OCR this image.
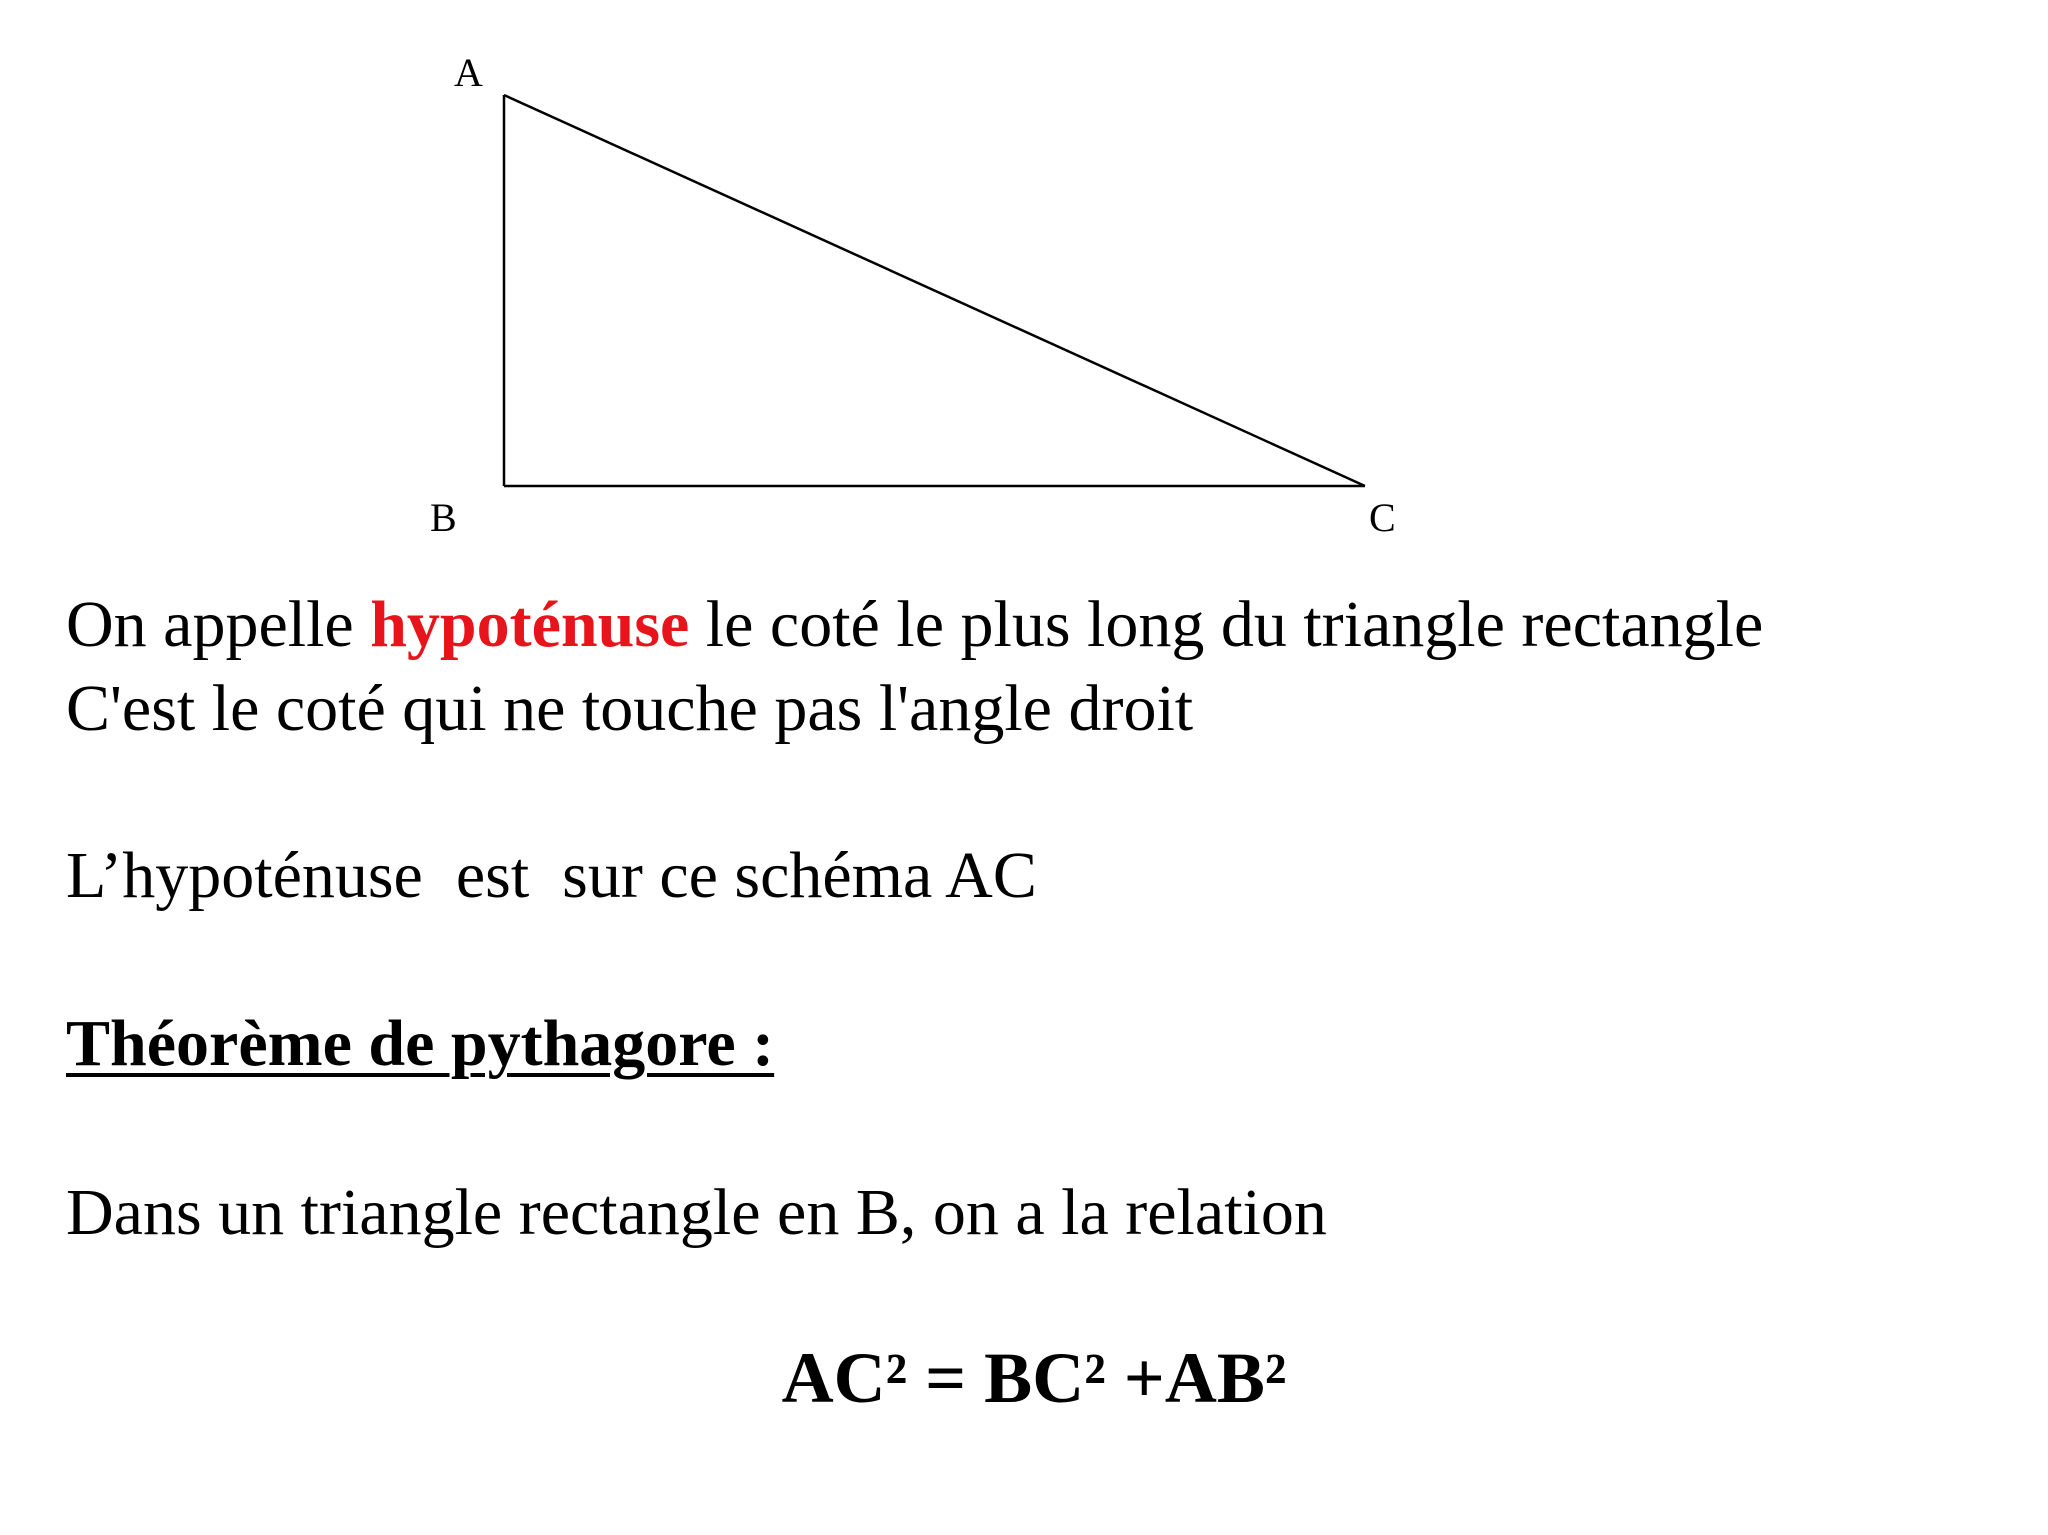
A
B	C

On appelle hypoténuse le coté le plus long du triangle rectangle

C'est le coté qui ne touche pas l'angle droit

L’hypoténuse  est  sur ce schéma AC

Théorème de pythagore :

Dans un triangle rectangle en B, on a la relation

AC² = BC² +AB²
